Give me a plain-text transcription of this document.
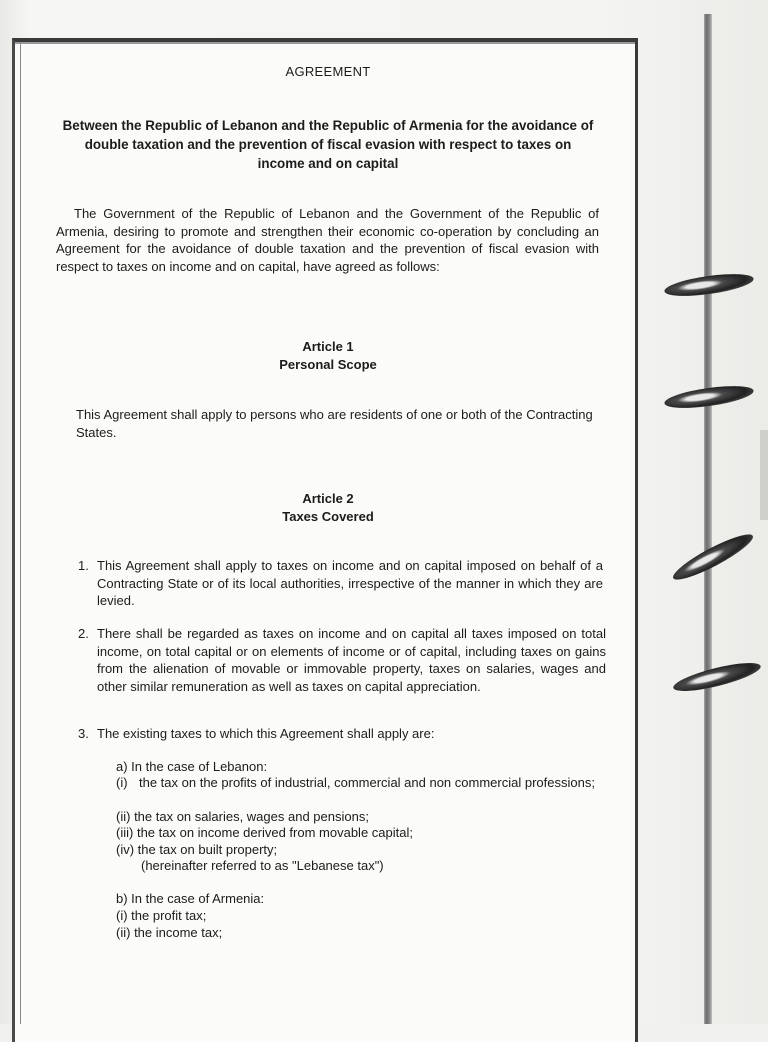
AGREEMENT
Between the Republic of Lebanon and the Republic of Armenia for the avoidance of double taxation and the prevention of fiscal evasion with respect to taxes on income and on capital
The Government of the Republic of Lebanon and the Government of the Republic of Armenia, desiring to promote and strengthen their economic co-operation by concluding an Agreement for the avoidance of double taxation and the prevention of fiscal evasion with respect to taxes on income and on capital, have agreed as follows:
Article 1
Personal Scope
This Agreement shall apply to persons who are residents of one or both of the Contracting States.
Article 2
Taxes Covered
1. This Agreement shall apply to taxes on income and on capital imposed on behalf of a Contracting State or of its local authorities, irrespective of the manner in which they are levied.
2. There shall be regarded as taxes on income and on capital all taxes imposed on total income, on total capital or on elements of income or of capital, including taxes on gains from the alienation of movable or immovable property, taxes on salaries, wages and other similar remuneration as well as taxes on capital appreciation.
3. The existing taxes to which this Agreement shall apply are:
a) In the case of Lebanon:
(i) the tax on the profits of industrial, commercial and non commercial professions;
(ii) the tax on salaries, wages and pensions;
(iii) the tax on income derived from movable capital;
(iv) the tax on built property;
(hereinafter referred to as "Lebanese tax")
b) In the case of Armenia:
(i) the profit tax;
(ii) the income tax;
